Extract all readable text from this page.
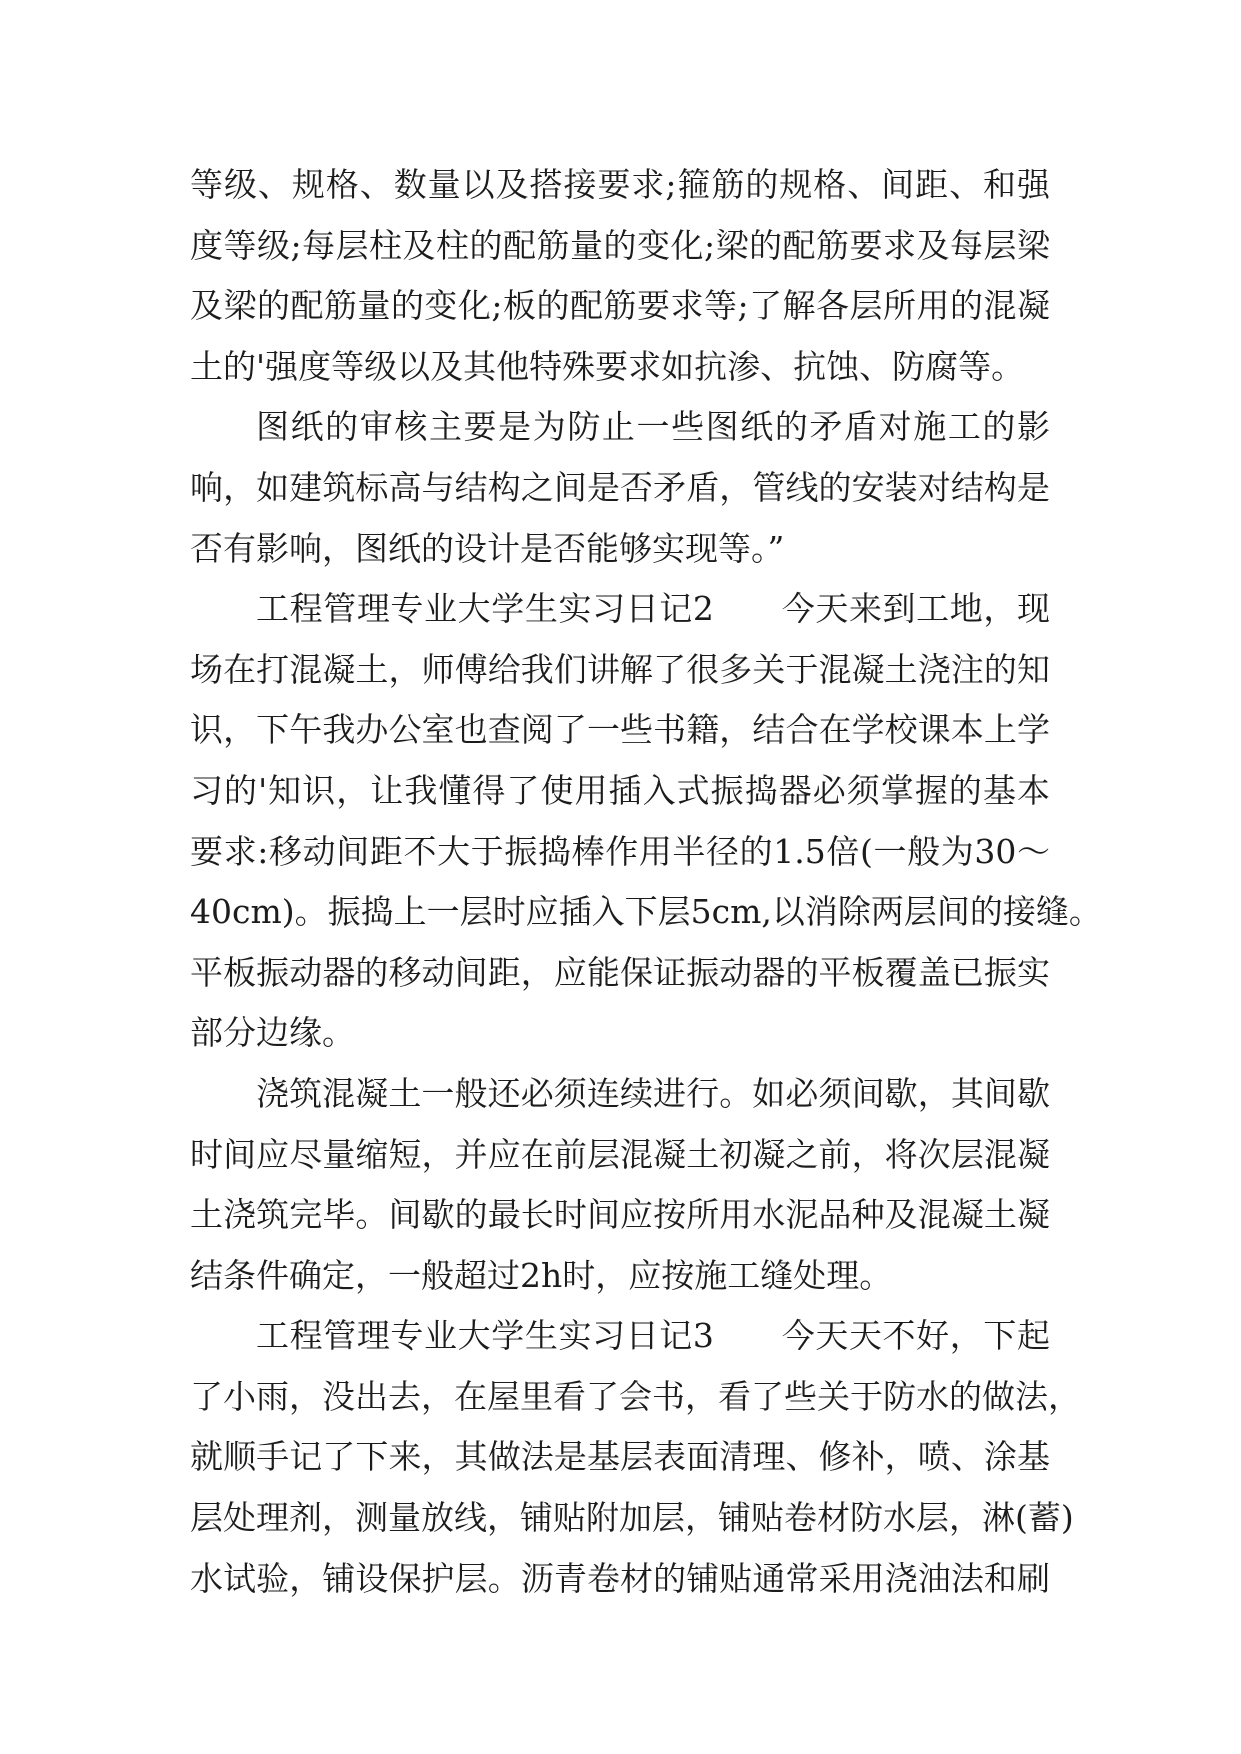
等级、规格、数量以及搭接要求;箍筋的规格、间距、和强
度等级;每层柱及柱的配筋量的变化;梁的配筋要求及每层梁
及梁的配筋量的变化;板的配筋要求等;了解各层所用的混凝
土的'强度等级以及其他特殊要求如抗渗、抗蚀、防腐等。
图纸的审核主要是为防止一些图纸的矛盾对施工的影
响，如建筑标高与结构之间是否矛盾，管线的安装对结构是
否有影响，图纸的设计是否能够实现等。”
工程管理专业大学生实习日记2　　今天来到工地，现
场在打混凝土，师傅给我们讲解了很多关于混凝土浇注的知
识，下午我办公室也查阅了一些书籍，结合在学校课本上学
习的'知识，让我懂得了使用插入式振捣器必须掌握的基本
要求:移动间距不大于振捣棒作用半径的1.5倍(一般为30～
40cm)。振捣上一层时应插入下层5cm,以消除两层间的接缝。
平板振动器的移动间距，应能保证振动器的平板覆盖已振实
部分边缘。
浇筑混凝土一般还必须连续进行。如必须间歇，其间歇
时间应尽量缩短，并应在前层混凝土初凝之前，将次层混凝
土浇筑完毕。间歇的最长时间应按所用水泥品种及混凝土凝
结条件确定，一般超过2h时，应按施工缝处理。
工程管理专业大学生实习日记3　　今天天不好，下起
了小雨，没出去，在屋里看了会书，看了些关于防水的做法，
就顺手记了下来，其做法是基层表面清理、修补，喷、涂基
层处理剂，测量放线，铺贴附加层，铺贴卷材防水层，淋(蓄)
水试验，铺设保护层。沥青卷材的铺贴通常采用浇油法和刷
